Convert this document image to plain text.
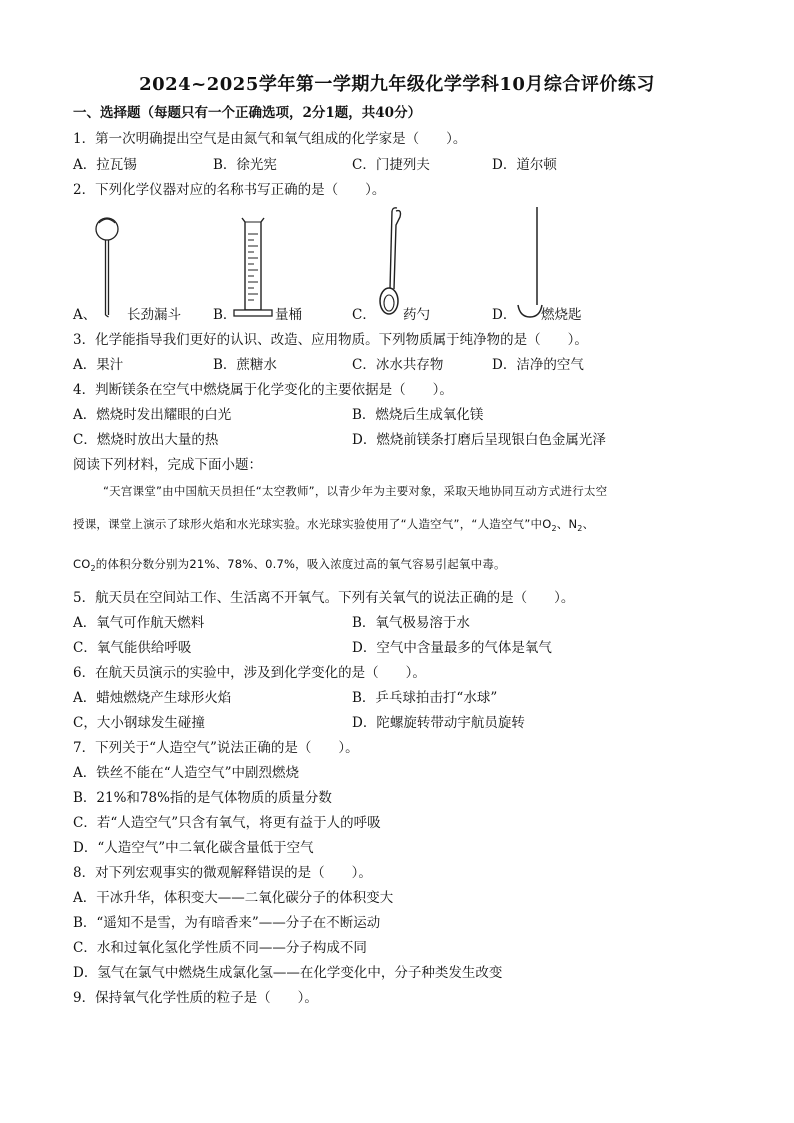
2024~2025学年第一学期九年级化学学科10月综合评价练习
一、选择题（每题只有一个正确选项，2分1题，共40分）
1．第一次明确提出空气是由氮气和氧气组成的化学家是（　　）。
A．拉瓦锡	B．徐光宪	C．门捷列夫	D．道尔顿
2．下列化学仪器对应的名称书写正确的是（　　）。
A、 长劲漏斗 B．	量桶	C． 药勺	D． 燃烧匙
3．化学能指导我们更好的认识、改造、应用物质。下列物质属于纯净物的是（　　）。
A．果汁	B．蔗糖水	C．冰水共存物	D．洁净的空气
4．判断镁条在空气中燃烧属于化学变化的主要依据是（　　）。
A．燃烧时发出耀眼的白光	B．燃烧后生成氧化镁
C．燃烧时放出大量的热	D．燃烧前镁条打磨后呈现银白色金属光泽
阅读下列材料，完成下面小题：
“天宫课堂”由中国航天员担任“太空教师”，以青少年为主要对象，采取天地协同互动方式进行太空
授课，课堂上演示了球形火焰和水光球实验。水光球实验使用了“人造空气”，“人造空气”中$O_2$、$N_2$、
$CO_2$的体积分数分别为21%、78%、0.7%，吸入浓度过高的氧气容易引起氧中毒。
5．航天员在空间站工作、生活离不开氧气。下列有关氧气的说法正确的是（　　）。
A．氧气可作航天燃料	B．氧气极易溶于水
C．氧气能供给呼吸	D．空气中含量最多的气体是氧气
6．在航天员演示的实验中，涉及到化学变化的是（　　）。
A．蜡烛燃烧产生球形火焰	B．乒乓球拍击打“水球”
C，大小钢球发生碰撞	D．陀螺旋转带动宇航员旋转
7．下列关于“人造空气”说法正确的是（　　）。
A．铁丝不能在“人造空气”中剧烈燃烧
B．21%和78%指的是气体物质的质量分数
C．若“人造空气”只含有氧气，将更有益于人的呼吸
D．“人造空气”中二氧化碳含量低于空气
8．对下列宏观事实的微观解释错误的是（　　）。
A．干冰升华，体积变大——二氧化碳分子的体积变大
B．“遥知不是雪，为有暗香来”——分子在不断运动
C．水和过氧化氢化学性质不同——分子构成不同
D．氢气在氯气中燃烧生成氯化氢——在化学变化中，分子种类发生改变
9．保持氧气化学性质的粒子是（　　）。
